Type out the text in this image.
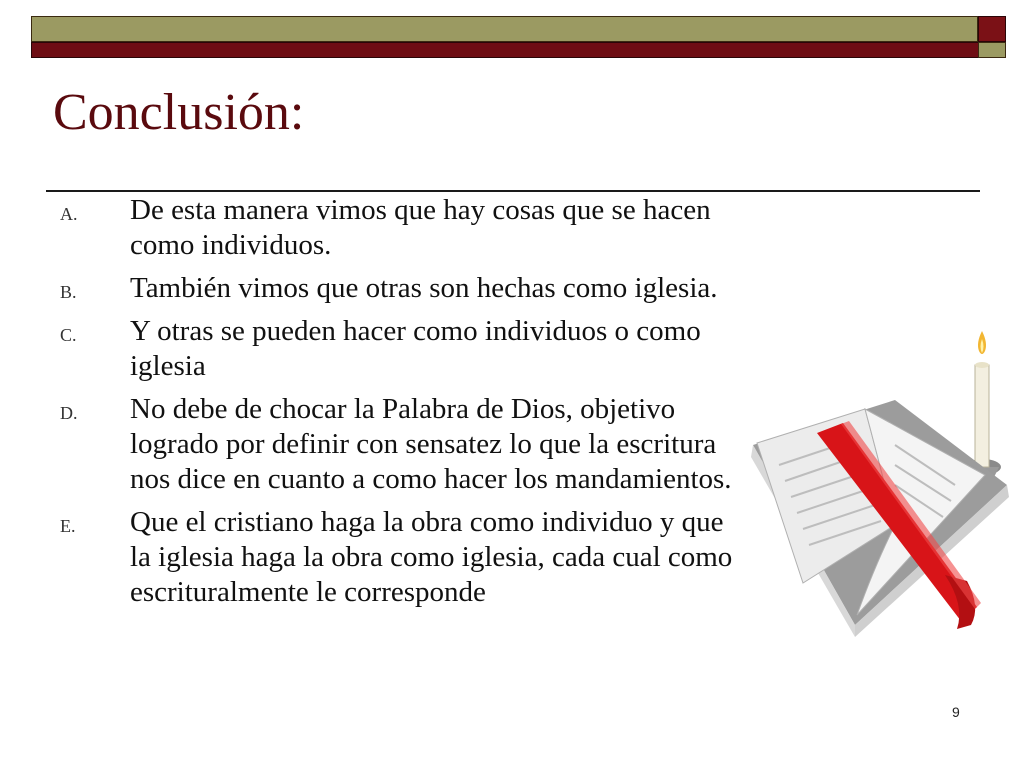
Conclusión:
A. De esta manera vimos que hay cosas que se hacen como individuos.
B. También vimos que otras son hechas como iglesia.
C. Y otras se pueden hacer como individuos o como iglesia
D. No debe de chocar la Palabra de Dios, objetivo logrado por definir con sensatez lo que la escritura nos dice en cuanto a como hacer los mandamientos.
E. Que el cristiano haga la obra como individuo y que la iglesia haga la obra como iglesia, cada cual como escrituralmente le corresponde
9
